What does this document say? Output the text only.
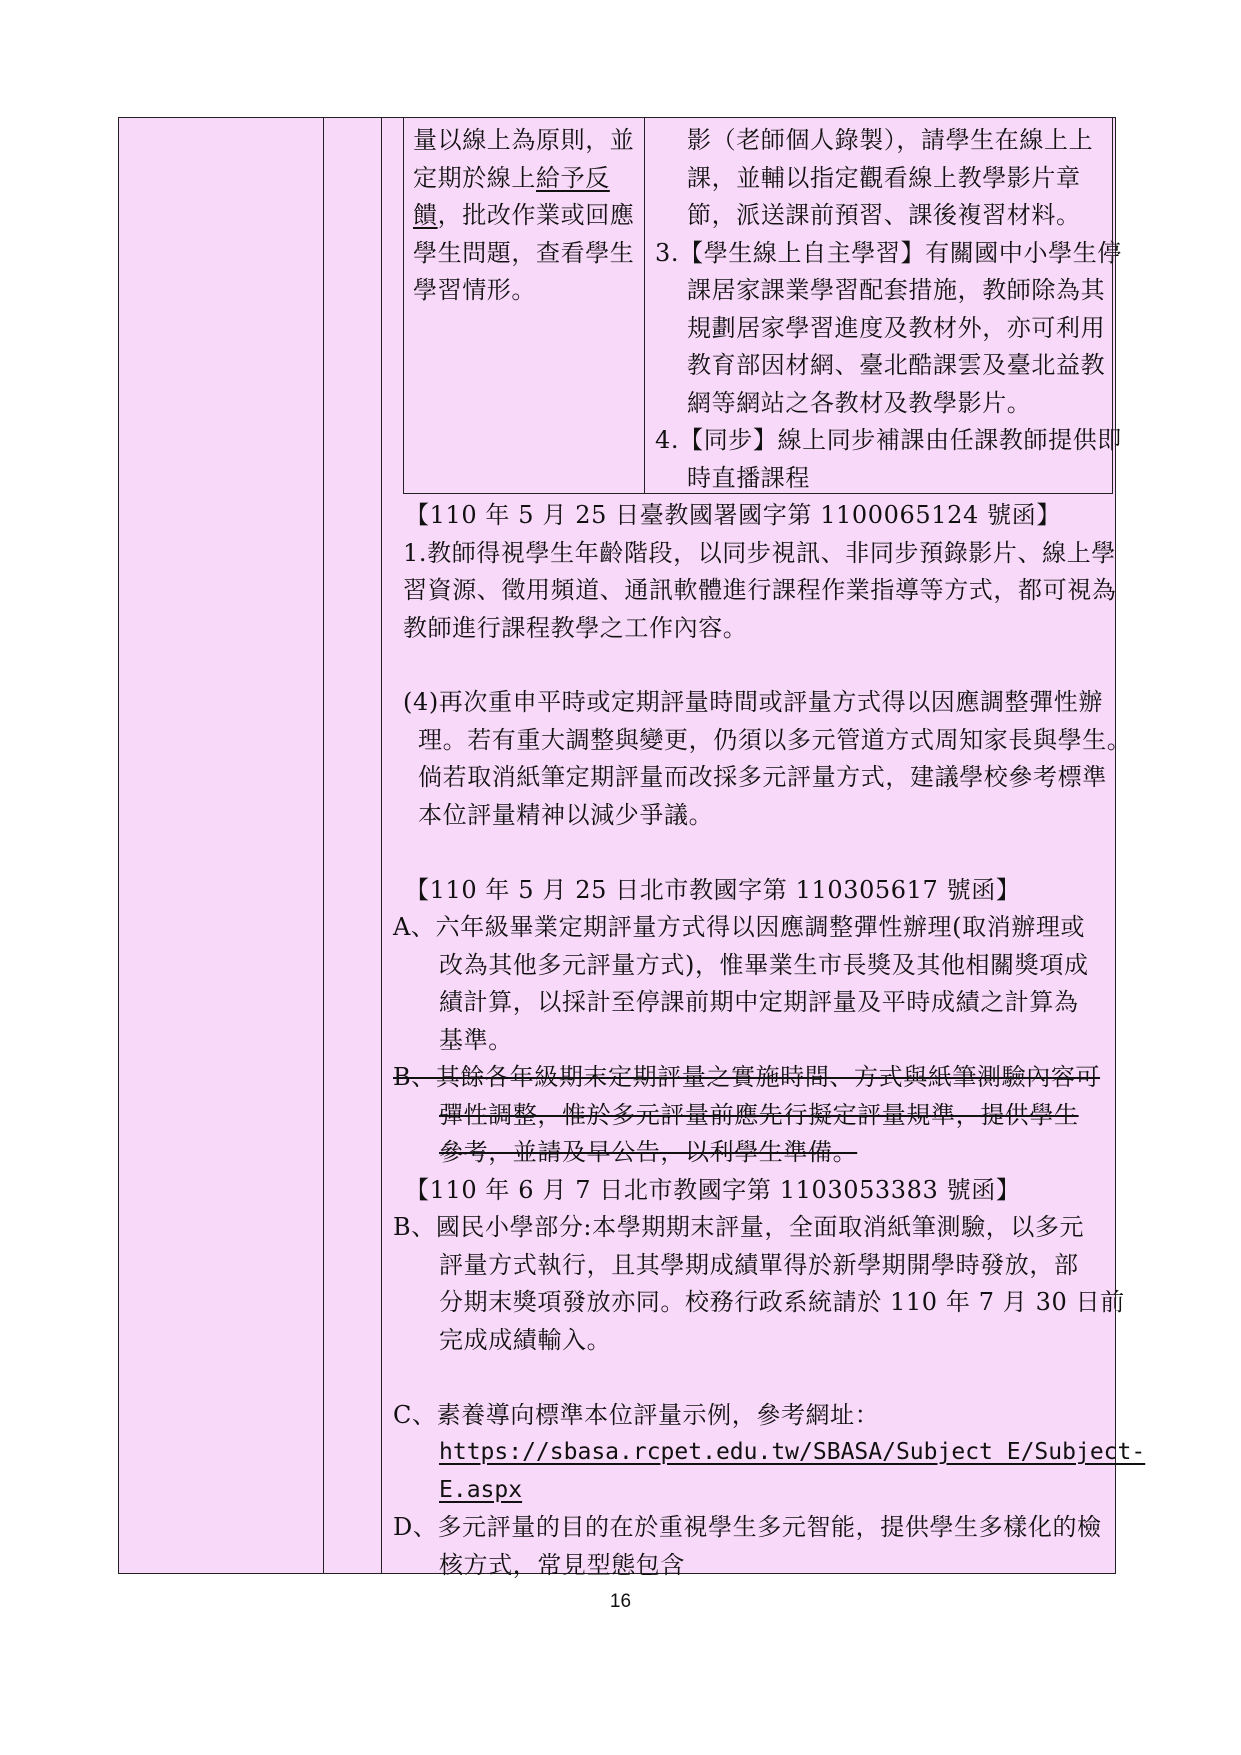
量以線上為原則，並
定期於線上給予反
饋，批改作業或回應
學生問題，查看學生
學習情形。
影（老師個人錄製），請學生在線上上
課，並輔以指定觀看線上教學影片章
節，派送課前預習、課後複習材料。
3.【學生線上自主學習】有關國中小學生停
課居家課業學習配套措施，教師除為其
規劃居家學習進度及教材外，亦可利用
教育部因材網、臺北酷課雲及臺北益教
網等網站之各教材及教學影片。
4.【同步】線上同步補課由任課教師提供即
時直播課程
【110 年 5 月 25 日臺教國署國字第 1100065124 號函】
1.教師得視學生年齡階段，以同步視訊、非同步預錄影片、線上學
習資源、徵用頻道、通訊軟體進行課程作業指導等方式，都可視為
教師進行課程教學之工作內容。
(4)再次重申平時或定期評量時間或評量方式得以因應調整彈性辦
理。若有重大調整與變更，仍須以多元管道方式周知家長與學生。
倘若取消紙筆定期評量而改採多元評量方式，建議學校參考標準
本位評量精神以減少爭議。
【110 年 5 月 25 日北市教國字第 110305617 號函】
A、六年級畢業定期評量方式得以因應調整彈性辦理(取消辦理或
改為其他多元評量方式)，惟畢業生市長獎及其他相關獎項成
績計算，以採計至停課前期中定期評量及平時成績之計算為
基準。
B、其餘各年級期末定期評量之實施時間、方式與紙筆測驗內容可
彈性調整，惟於多元評量前應先行擬定評量規準，提供學生
參考，並請及早公告，以利學生準備。
【110 年 6 月 7 日北市教國字第 1103053383 號函】
B、國民小學部分:本學期期末評量，全面取消紙筆測驗，以多元
評量方式執行，且其學期成績單得於新學期開學時發放，部
分期末獎項發放亦同。校務行政系統請於 110 年 7 月 30 日前
完成成績輸入。
C、素養導向標準本位評量示例，參考網址：
https://sbasa.rcpet.edu.tw/SBASA/Subject_E/Subject-
E.aspx
D、多元評量的目的在於重視學生多元智能，提供學生多樣化的檢
核方式，常見型態包含
16
